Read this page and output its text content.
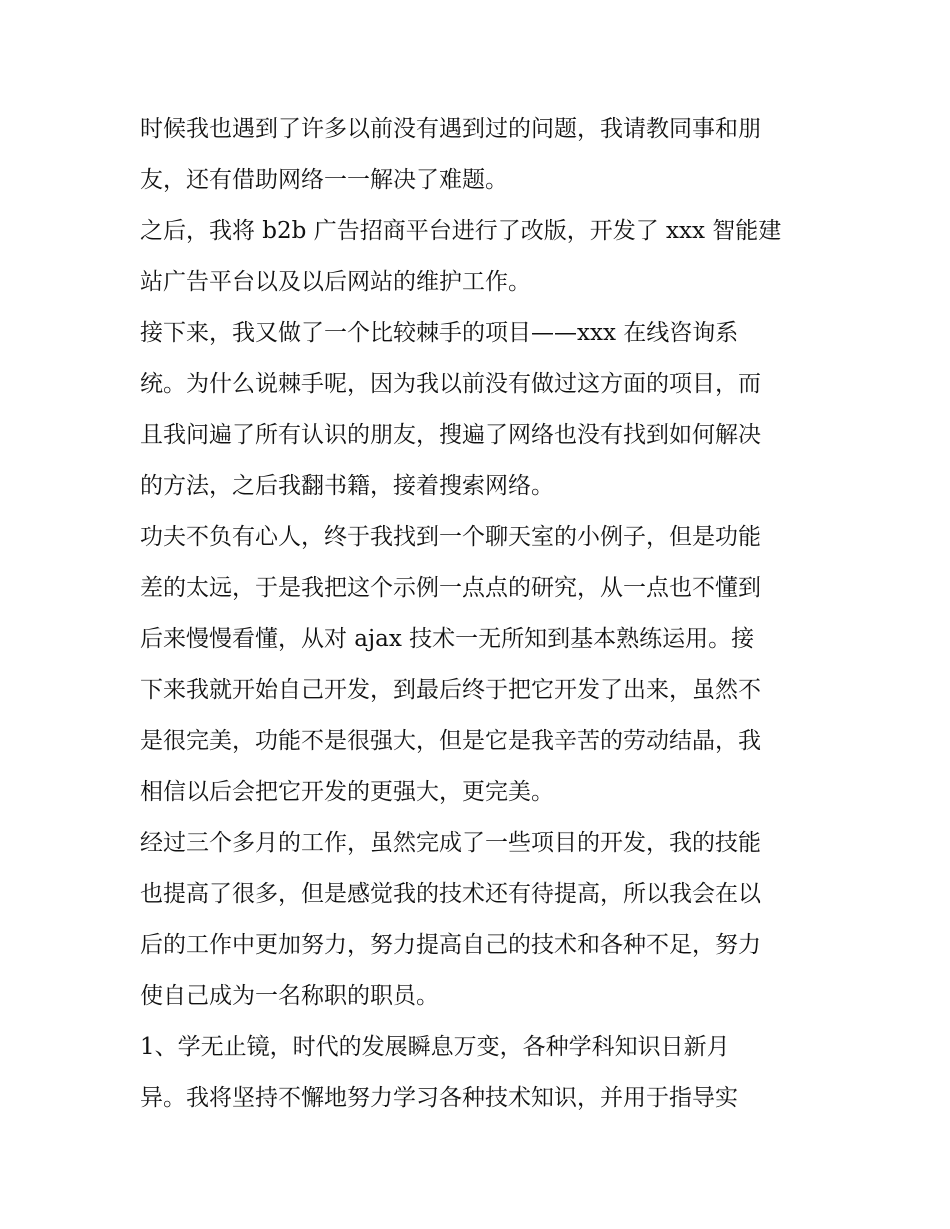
时候我也遇到了许多以前没有遇到过的问题，我请教同事和朋
友，还有借助网络一一解决了难题。
之后，我将 b2b 广告招商平台进行了改版，开发了 xxx 智能建
站广告平台以及以后网站的维护工作。
接下来，我又做了一个比较棘手的项目——xxx 在线咨询系
统。为什么说棘手呢，因为我以前没有做过这方面的项目，而
且我问遍了所有认识的朋友，搜遍了网络也没有找到如何解决
的方法，之后我翻书籍，接着搜索网络。
功夫不负有心人，终于我找到一个聊天室的小例子，但是功能
差的太远，于是我把这个示例一点点的研究，从一点也不懂到
后来慢慢看懂，从对 ajax 技术一无所知到基本熟练运用。接
下来我就开始自己开发，到最后终于把它开发了出来，虽然不
是很完美，功能不是很强大，但是它是我辛苦的劳动结晶，我
相信以后会把它开发的更强大，更完美。
经过三个多月的工作，虽然完成了一些项目的开发，我的技能
也提高了很多，但是感觉我的技术还有待提高，所以我会在以
后的工作中更加努力，努力提高自己的技术和各种不足，努力
使自己成为一名称职的职员。
1、学无止镜，时代的发展瞬息万变，各种学科知识日新月
异。我将坚持不懈地努力学习各种技术知识，并用于指导实
